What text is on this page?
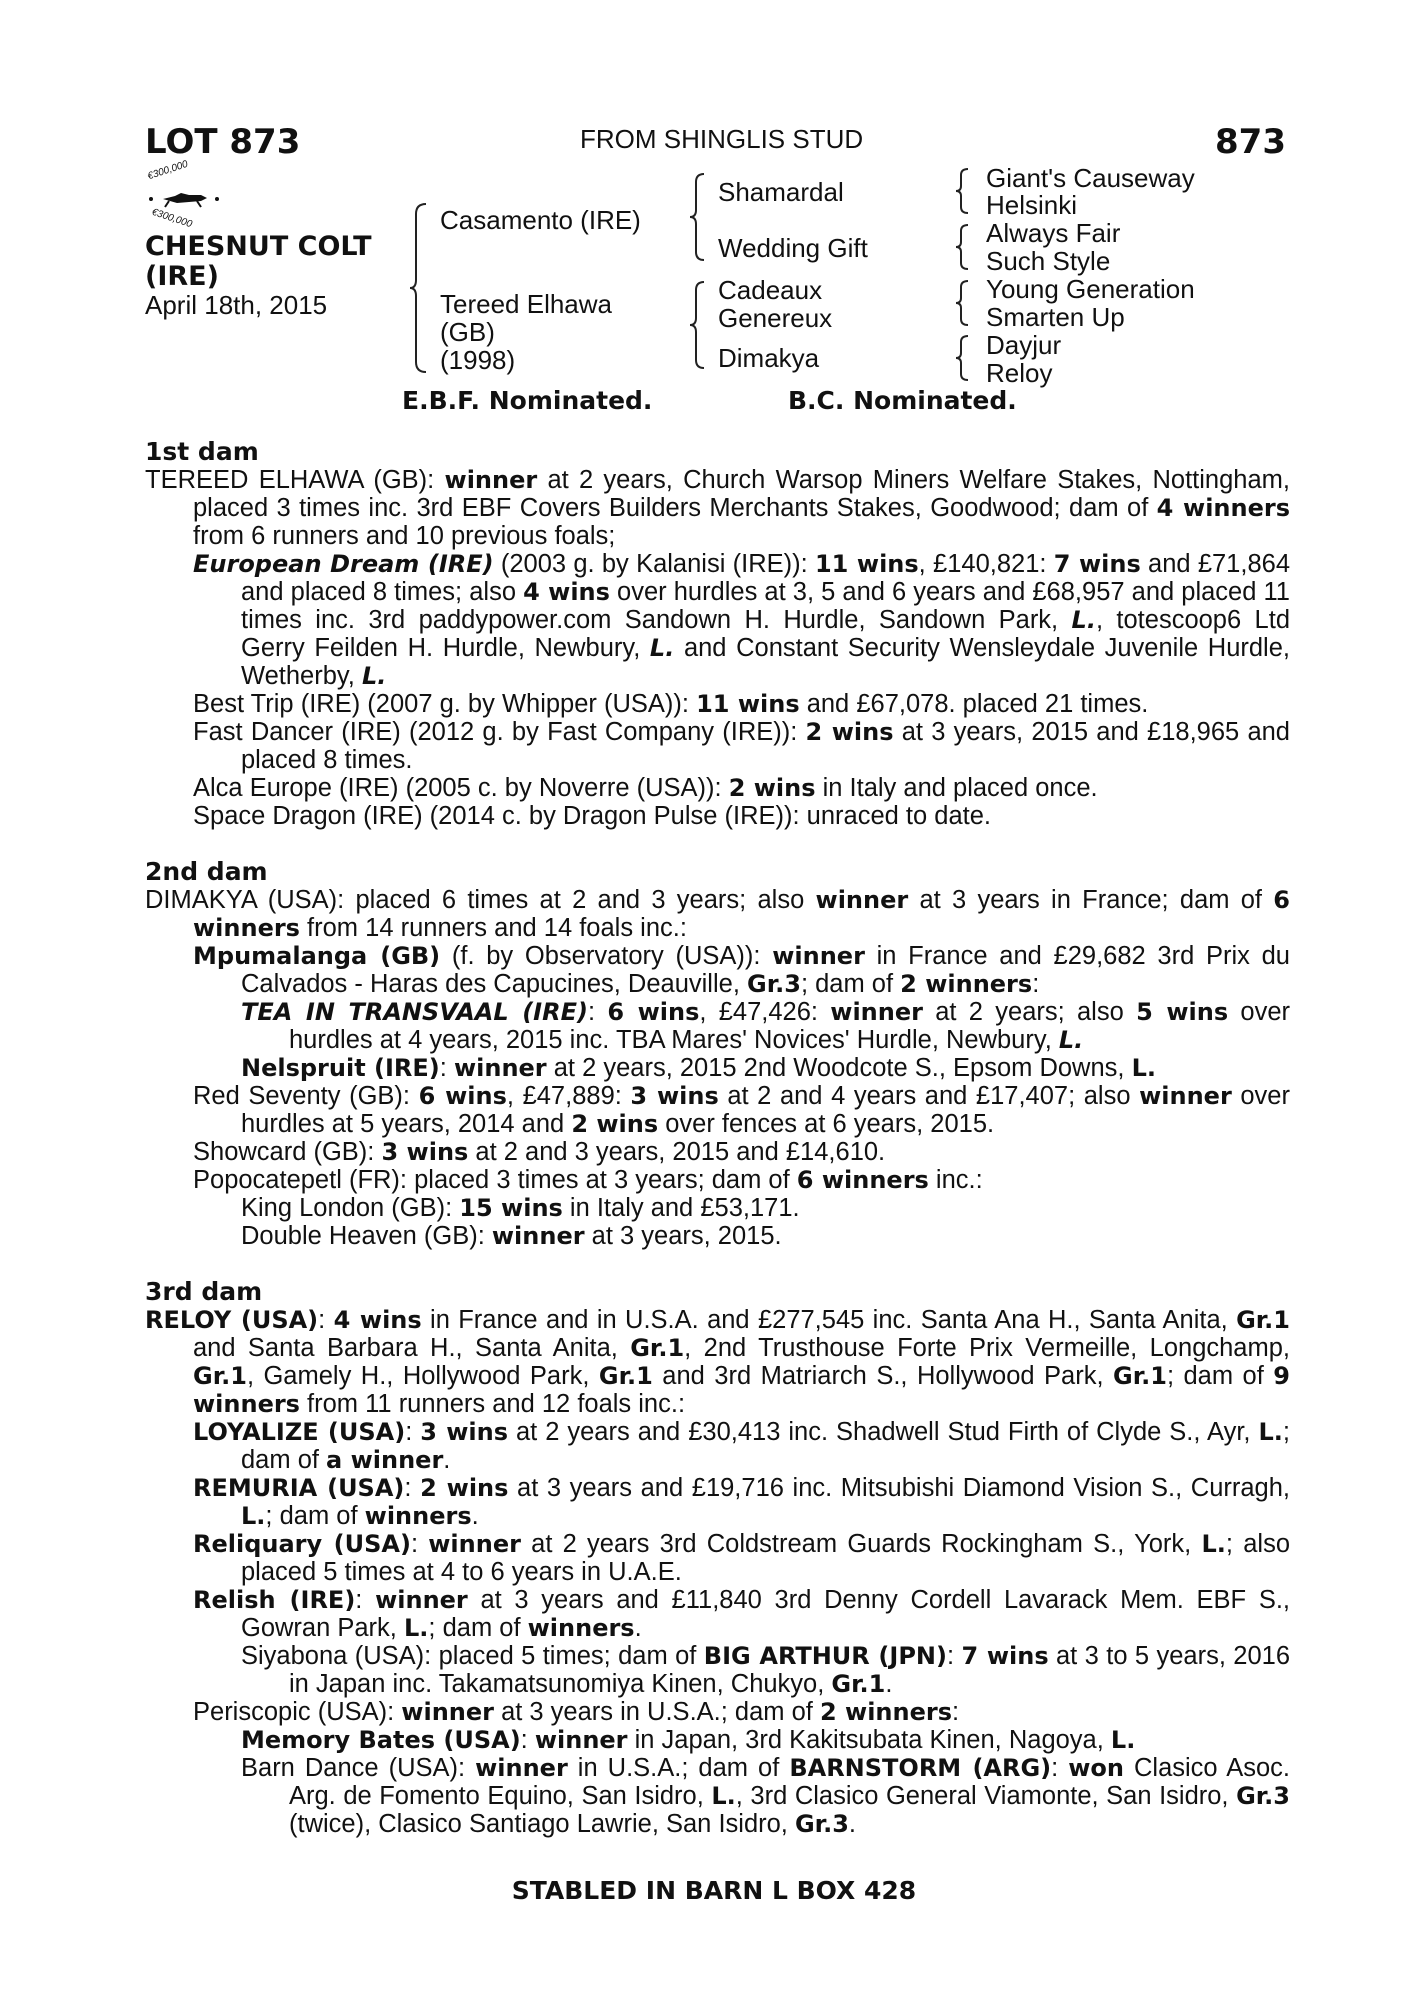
LOT 873	FROM SHINGLIS STUD	873
€300,000
€300,000
CHESNUT COLT
(IRE)
April 18th, 2015
Casamento (IRE)
Tereed Elhawa
(GB)
(1998)
Shamardal
Wedding Gift
Cadeaux
Genereux
Dimakya
Giant's Causeway
Helsinki
Always Fair
Such Style
Young Generation
Smarten Up
Dayjur
Reloy
E.B.F. Nominated.	B.C. Nominated.
1st dam
TEREED ELHAWA (GB): winner at 2 years, Church Warsop Miners Welfare Stakes, Nottingham, placed 3 times inc. 3rd EBF Covers Builders Merchants Stakes, Goodwood; dam of 4 winners from 6 runners and 10 previous foals;
European Dream (IRE) (2003 g. by Kalanisi (IRE)): 11 wins, £140,821: 7 wins and £71,864 and placed 8 times; also 4 wins over hurdles at 3, 5 and 6 years and £68,957 and placed 11 times inc. 3rd paddypower.com Sandown H. Hurdle, Sandown Park, L., totescoop6 Ltd Gerry Feilden H. Hurdle, Newbury, L. and Constant Security Wensleydale Juvenile Hurdle, Wetherby, L.
Best Trip (IRE) (2007 g. by Whipper (USA)): 11 wins and £67,078. placed 21 times.
Fast Dancer (IRE) (2012 g. by Fast Company (IRE)): 2 wins at 3 years, 2015 and £18,965 and placed 8 times.
Alca Europe (IRE) (2005 c. by Noverre (USA)): 2 wins in Italy and placed once.
Space Dragon (IRE) (2014 c. by Dragon Pulse (IRE)): unraced to date.
2nd dam
DIMAKYA (USA): placed 6 times at 2 and 3 years; also winner at 3 years in France; dam of 6 winners from 14 runners and 14 foals inc.:
Mpumalanga (GB) (f. by Observatory (USA)): winner in France and £29,682 3rd Prix du Calvados - Haras des Capucines, Deauville, Gr.3; dam of 2 winners:
TEA IN TRANSVAAL (IRE): 6 wins, £47,426: winner at 2 years; also 5 wins over hurdles at 4 years, 2015 inc. TBA Mares' Novices' Hurdle, Newbury, L.
Nelspruit (IRE): winner at 2 years, 2015 2nd Woodcote S., Epsom Downs, L.
Red Seventy (GB): 6 wins, £47,889: 3 wins at 2 and 4 years and £17,407; also winner over hurdles at 5 years, 2014 and 2 wins over fences at 6 years, 2015.
Showcard (GB): 3 wins at 2 and 3 years, 2015 and £14,610.
Popocatepetl (FR): placed 3 times at 3 years; dam of 6 winners inc.:
King London (GB): 15 wins in Italy and £53,171.
Double Heaven (GB): winner at 3 years, 2015.
3rd dam
RELOY (USA): 4 wins in France and in U.S.A. and £277,545 inc. Santa Ana H., Santa Anita, Gr.1 and Santa Barbara H., Santa Anita, Gr.1, 2nd Trusthouse Forte Prix Vermeille, Longchamp, Gr.1, Gamely H., Hollywood Park, Gr.1 and 3rd Matriarch S., Hollywood Park, Gr.1; dam of 9 winners from 11 runners and 12 foals inc.:
LOYALIZE (USA): 3 wins at 2 years and £30,413 inc. Shadwell Stud Firth of Clyde S., Ayr, L.; dam of a winner.
REMURIA (USA): 2 wins at 3 years and £19,716 inc. Mitsubishi Diamond Vision S., Curragh, L.; dam of winners.
Reliquary (USA): winner at 2 years 3rd Coldstream Guards Rockingham S., York, L.; also placed 5 times at 4 to 6 years in U.A.E.
Relish (IRE): winner at 3 years and £11,840 3rd Denny Cordell Lavarack Mem. EBF S., Gowran Park, L.; dam of winners.
Siyabona (USA): placed 5 times; dam of BIG ARTHUR (JPN): 7 wins at 3 to 5 years, 2016 in Japan inc. Takamatsunomiya Kinen, Chukyo, Gr.1.
Periscopic (USA): winner at 3 years in U.S.A.; dam of 2 winners:
Memory Bates (USA): winner in Japan, 3rd Kakitsubata Kinen, Nagoya, L.
Barn Dance (USA): winner in U.S.A.; dam of BARNSTORM (ARG): won Clasico Asoc. Arg. de Fomento Equino, San Isidro, L., 3rd Clasico General Viamonte, San Isidro, Gr.3 (twice), Clasico Santiago Lawrie, San Isidro, Gr.3.
STABLED IN BARN L BOX 428
